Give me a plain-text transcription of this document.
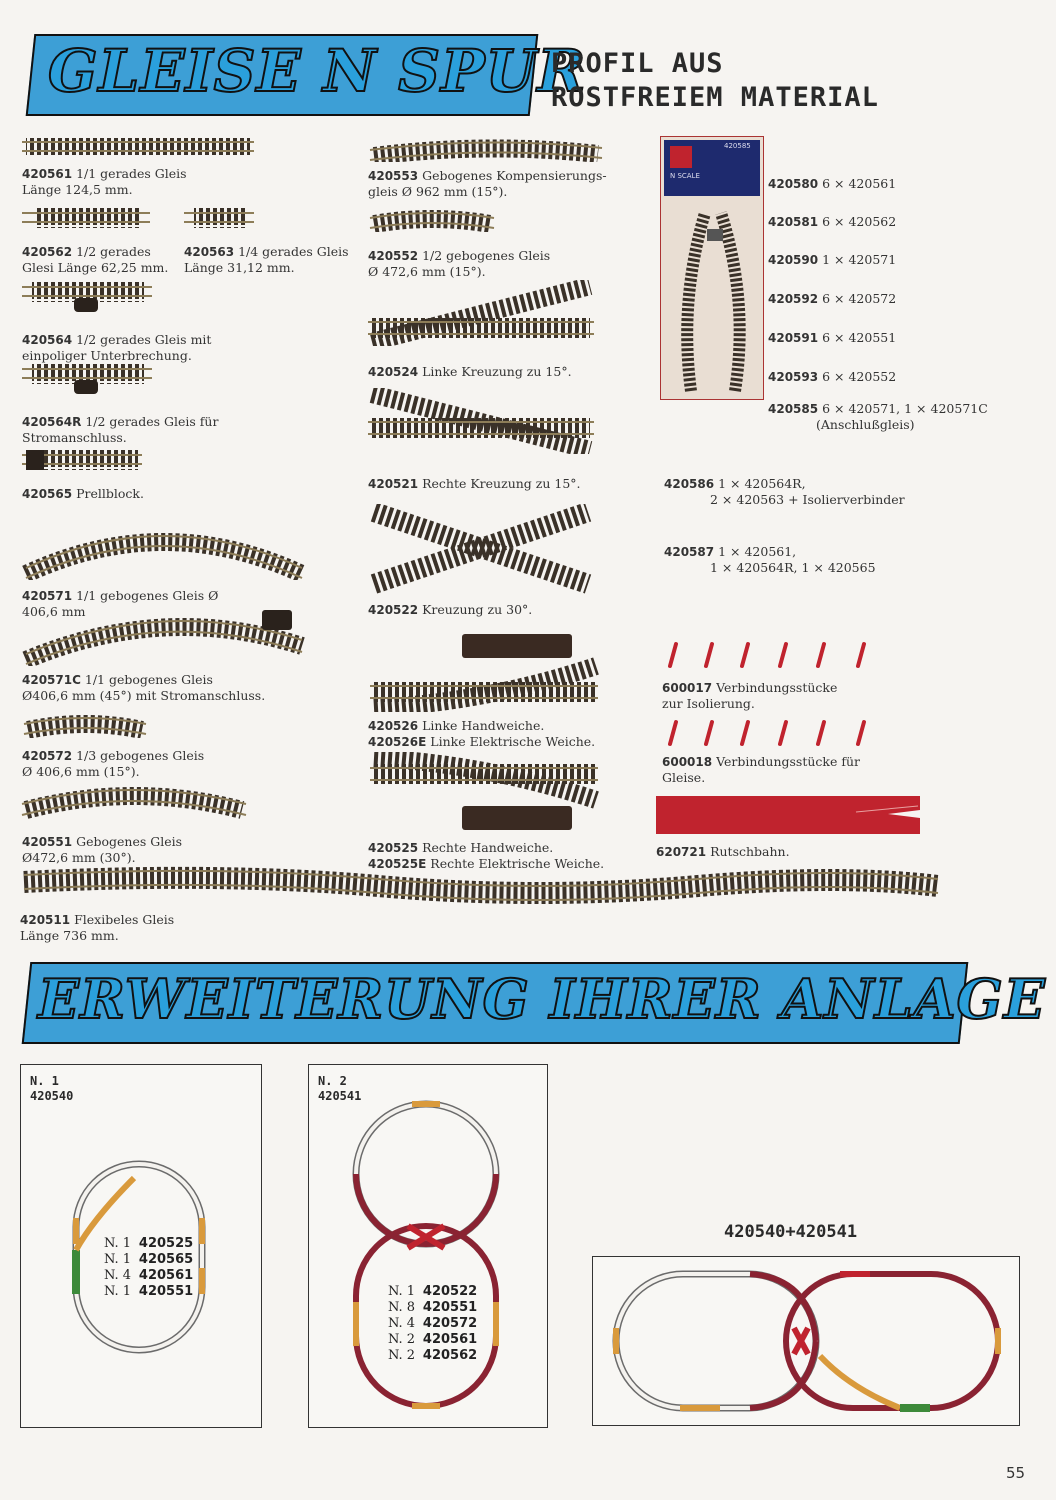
GLEISE N SPUR
PROFIL AUS
ROSTFREIEM MATERIAL
420561 1/1 gerades Gleis
Länge 124,5 mm.
420562 1/2 gerades
Glesi Länge 62,25 mm.
420563 1/4 gerades Gleis
Länge 31,12 mm.
420564 1/2 gerades Gleis mit
einpoliger Unterbrechung.
420564R 1/2 gerades Gleis für
Stromanschluss.
420565 Prellblock.
420571 1/1 gebogenes Gleis Ø
406,6 mm
420571C 1/1 gebogenes Gleis
Ø406,6 mm (45°) mit Stromanschluss.
420572 1/3 gebogenes Gleis
Ø 406,6 mm (15°).
420551 Gebogenes Gleis
Ø472,6 mm (30°).
420553 Gebogenes Kompensierungs-
gleis Ø 962 mm (15°).
420552 1/2 gebogenes Gleis
Ø 472,6 mm (15°).
420524 Linke Kreuzung zu 15°.
420521 Rechte Kreuzung zu 15°.
420522 Kreuzung zu 30°.
420526 Linke Handweiche.
420526E Linke Elektrische Weiche.
420525 Rechte Handweiche.
420525E Rechte Elektrische Weiche.
420511 Flexibeles Gleis
Länge 736 mm.
420585
N SCALE
420580 6 × 420561
420581 6 × 420562
420590 1 × 420571
420592 6 × 420572
420591 6 × 420551
420593 6 × 420552
420585 6 × 420571, 1 × 420571C
(Anschlußgleis)
420586 1 × 420564R,
2 × 420563 + Isolierverbinder
420587 1 × 420561,
1 × 420564R, 1 × 420565
600017 Verbindungsstücke
zur Isolierung.
600018 Verbindungsstücke für
Gleise.
620721 Rutschbahn.
ERWEITERUNG IHRER ANLAGE
N. 1
420540
N. 1 420525
N. 1 420565
N. 4 420561
N. 1 420551
N. 2
420541
N. 1 420522
N. 8 420551
N. 4 420572
N. 2 420561
N. 2 420562
420540+420541
55
